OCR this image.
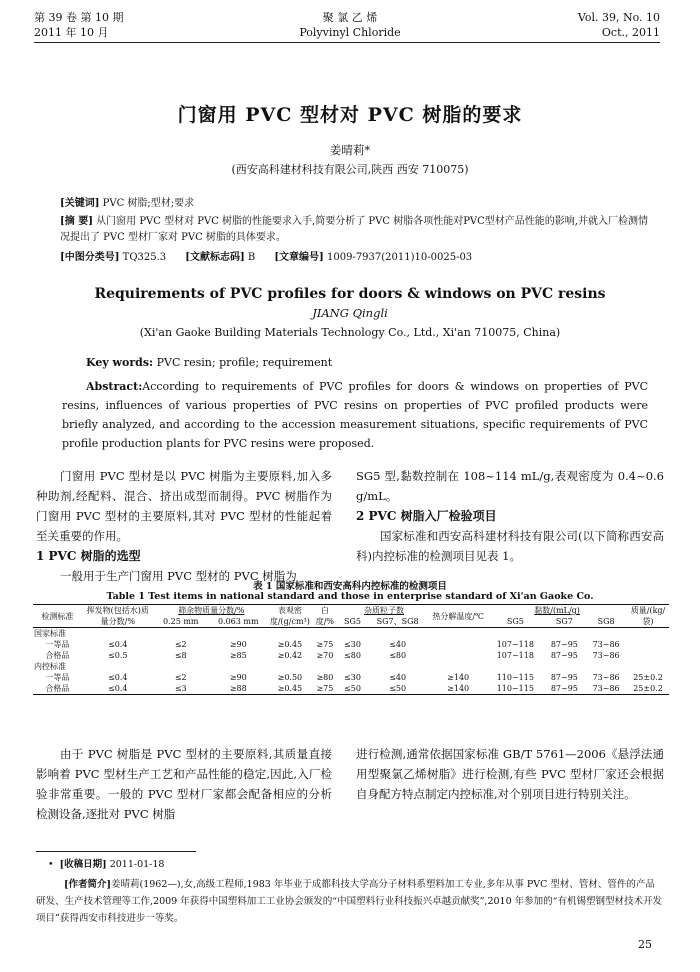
第 39 卷 第 10 期
2011 年 10 月
聚 氯 乙 烯
Polyvinyl Chloride
Vol. 39, No. 10
Oct., 2011
门窗用 PVC 型材对 PVC 树脂的要求
姜晴莉*
(西安高科建材科技有限公司,陕西 西安 710075)
[关键词] PVC 树脂;型材;要求
[摘 要] 从门窗用 PVC 型材对 PVC 树脂的性能要求入手,简要分析了 PVC 树脂各项性能对PVC型材产品性能的影响,并就入厂检测情况提出了 PVC 型材厂家对 PVC 树脂的具体要求。
[中图分类号] TQ325.3 [文献标志码] B [文章编号] 1009-7937(2011)10-0025-03
Requirements of PVC profiles for doors & windows on PVC resins
JIANG Qingli
(Xi'an Gaoke Building Materials Technology Co., Ltd., Xi'an 710075, China)
Key words: PVC resin; profile; requirement
Abstract:According to requirements of PVC profiles for doors & windows on properties of PVC resins, influences of various properties of PVC resins on properties of PVC profiled products were briefly analyzed, and according to the accession measurement situations, specific requirements of PVC profile production plants for PVC resins were proposed.

门窗用 PVC 型材是以 PVC 树脂为主要原料,加入多种助剂,经配料、混合、挤出成型而制得。PVC 树脂作为门窗用 PVC 型材的主要原料,其对 PVC 型材的性能起着至关重要的作用。

1 PVC 树脂的选型

一般用于生产门窗用 PVC 型材的 PVC 树脂为

SG5 型,黏数控制在 108~114 mL/g,表观密度为 0.4~0.6 g/mL。

2 PVC 树脂入厂检验项目

国家标准和西安高科建材科技有限公司(以下简称西安高科)内控标准的检测项目见表 1。

表 1 国家标准和西安高科内控标准的检测项目
Table 1 Test items in national standard and those in enterprise standard of Xi'an Gaoke Co.
检测标准	挥发物(包括水)质量分数/%	筛余物质量分数/%		表观密度/(g/cm³)	白度/%	杂质粒子数		热分解温度/℃	黏数/(mL/g)			质量/(kg/袋)
		0.25 mm	0.063 mm			SG5	SG7、SG8		SG5	SG7	SG8	
国家标准												
一等品	≤0.4	≤2	≥90	≥0.45	≥75	≤30	≤40		107~118	87~95	73~86	
合格品	≤0.5	≤8	≥85	≥0.42	≥70	≤80	≤80		107~118	87~95	73~86	
内控标准												
一等品	≤0.4	≤2	≥90	≥0.50	≥80	≤30	≤40	≥140	110~115	87~95	73~86	25±0.2
合格品	≤0.4	≤3	≥88	≥0.45	≥75	≤50	≤50	≥140	110~115	87~95	73~86	25±0.2

由于 PVC 树脂是 PVC 型材的主要原料,其质量直接影响着 PVC 型材生产工艺和产品性能的稳定,因此,入厂检验非常重要。一般的 PVC 型材厂家都会配备相应的分析检测设备,逐批对 PVC 树脂

进行检测,通常依据国家标准 GB/T 5761—2006《悬浮法通用型聚氯乙烯树脂》进行检测,有些 PVC 型材厂家还会根据自身配方特点制定内控标准,对个别项目进行特别关注。

• [收稿日期] 2011-01-18
[作者简介]姜晴莉(1962—),女,高级工程师,1983 年毕业于成都科技大学高分子材料系塑料加工专业,多年从事 PVC 型材、管材、管件的产品研发、生产技术管理等工作,2009 年获得中国塑料加工工业协会颁发的“中国塑料行业科技振兴卓越贡献奖”,2010 年参加的“有机锡塑钢型材技术开发项目”获得西安市科技进步一等奖。
25
